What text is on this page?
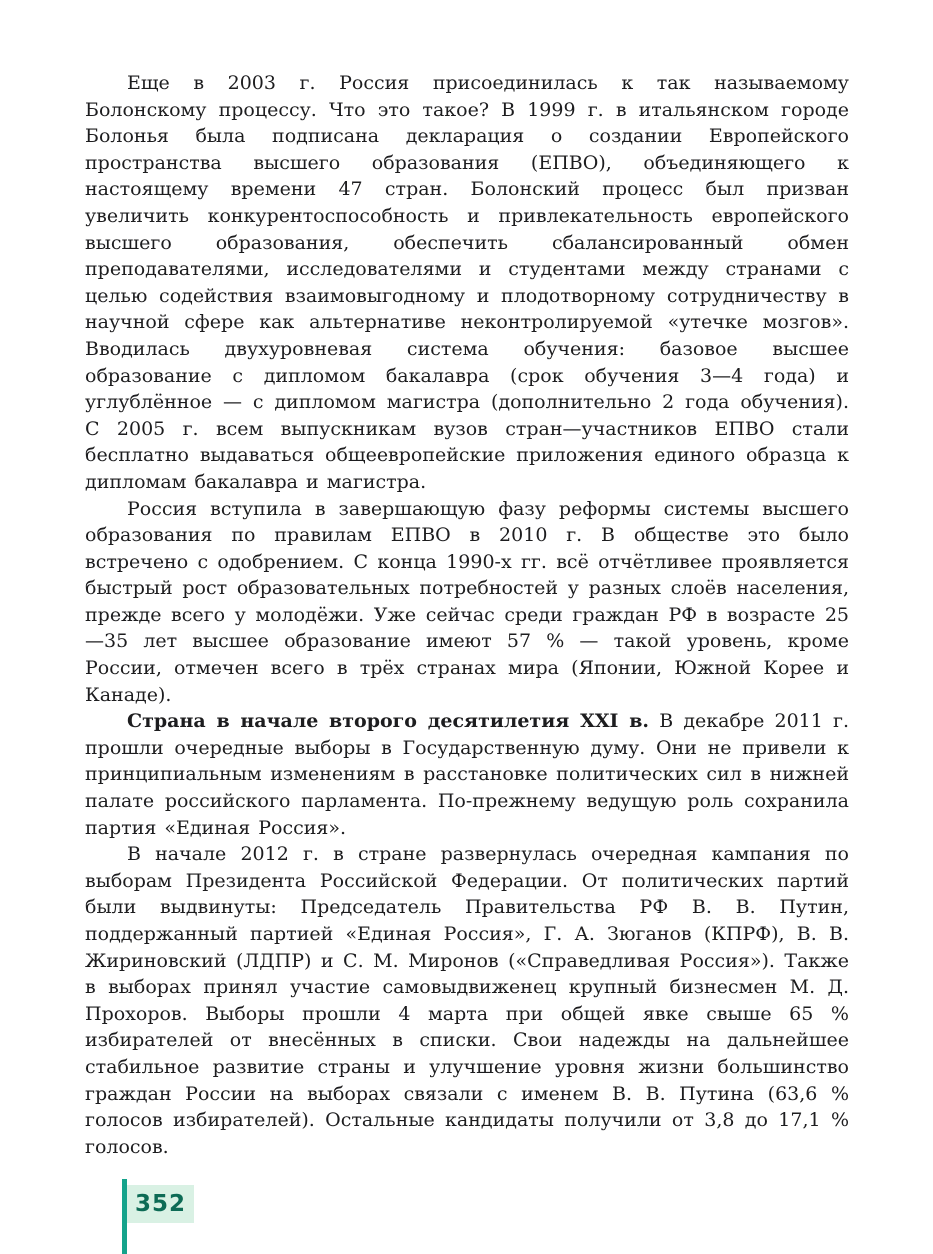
Еще в 2003 г. Россия присоединилась к так называемому Болонскому процессу. Что это такое? В 1999 г. в итальянском городе Болонья была подписана декларация о создании Европейского пространства высшего образования (ЕПВО), объединяющего к настоящему времени 47 стран. Болонский процесс был призван увеличить конкурентоспособность и привлекательность европейского высшего образования, обеспечить сбалансированный обмен преподавателями, исследователями и студентами между странами с целью содействия взаимовыгодному и плодотворному сотрудничеству в научной сфере как альтернативе неконтролируемой «утечке мозгов». Вводилась двухуровневая система обучения: базовое высшее образование с дипломом бакалавра (срок обучения 3—4 года) и углублённое — с дипломом магистра (дополнительно 2 года обучения). С 2005 г. всем выпускникам вузов стран—участников ЕПВО стали бесплатно выдаваться общеевропейские приложения единого образца к дипломам бакалавра и магистра.

Россия вступила в завершающую фазу реформы системы высшего образования по правилам ЕПВО в 2010 г. В обществе это было встречено с одобрением. С конца 1990-х гг. всё отчётливее проявляется быстрый рост образовательных потребностей у разных слоёв населения, прежде всего у молодёжи. Уже сейчас среди граждан РФ в возрасте 25—35 лет высшее образование имеют 57 % — такой уровень, кроме России, отмечен всего в трёх странах мира (Японии, Южной Корее и Канаде).

Страна в начале второго десятилетия XXI в. В декабре 2011 г. прошли очередные выборы в Государственную думу. Они не привели к принципиальным изменениям в расстановке политических сил в нижней палате российского парламента. По-прежнему ведущую роль сохранила партия «Единая Россия».

В начале 2012 г. в стране развернулась очередная кампания по выборам Президента Российской Федерации. От политических партий были выдвинуты: Председатель Правительства РФ В. В. Путин, поддержанный партией «Единая Россия», Г. А. Зюганов (КПРФ), В. В. Жириновский (ЛДПР) и С. М. Миронов («Справедливая Россия»). Также в выборах принял участие самовыдвиженец крупный бизнесмен М. Д. Прохоров. Выборы прошли 4 марта при общей явке свыше 65 % избирателей от внесённых в списки. Свои надежды на дальнейшее стабильное развитие страны и улучшение уровня жизни большинство граждан России на выборах связали с именем В. В. Путина (63,6 % голосов избирателей). Остальные кандидаты получили от 3,8 до 17,1 % голосов.

352
